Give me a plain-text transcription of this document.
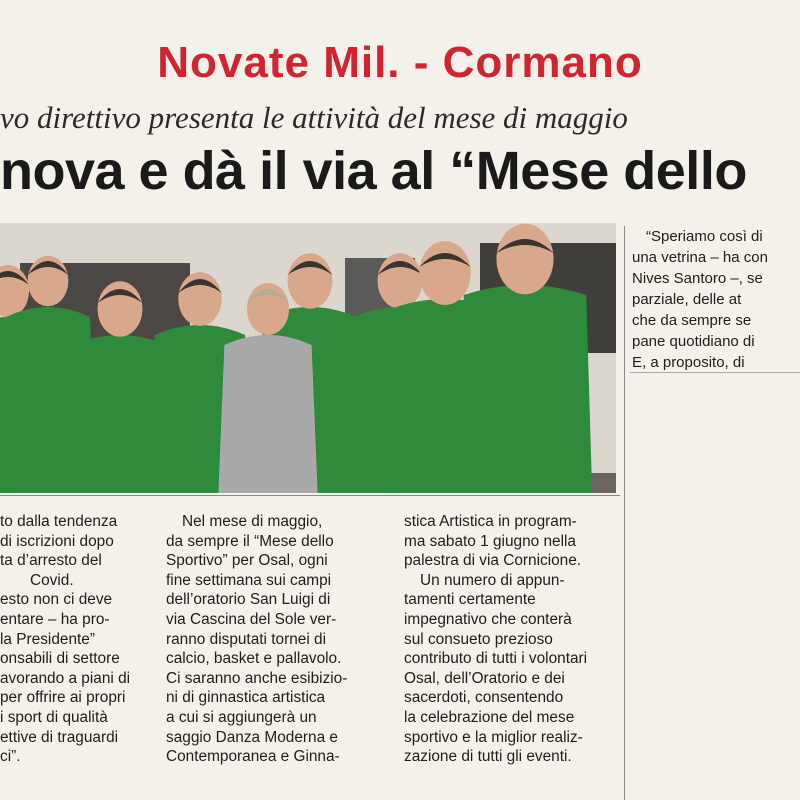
Novate Mil. - Cormano
vo direttivo presenta le attività del mese di maggio
nova e dà il via al “Mese dello
to dalla tendenza
di iscrizioni dopo
ta d’arresto del
Covid.
esto non ci deve
entare – ha pro-
la Presidente”
onsabili di settore
avorando a piani di
per offrire ai propri
i sport di qualità
ettive di traguardi
ci”.
Nel mese di maggio,
da sempre il “Mese dello
Sportivo” per Osal, ogni
fine settimana sui campi
dell’oratorio San Luigi di
via Cascina del Sole ver-
ranno disputati tornei di
calcio, basket e pallavolo.
Ci saranno anche esibizio-
ni di ginnastica artistica
a cui si aggiungerà un
saggio Danza Moderna e
Contemporanea e Ginna-
stica Artistica in program-
ma sabato 1 giugno nella
palestra di via Cornicione.
Un numero di appun-
tamenti certamente
impegnativo che conterà
sul consueto prezioso
contributo di tutti i volontari
Osal, dell’Oratorio e dei
sacerdoti, consentendo
la celebrazione del mese
sportivo e la miglior realiz-
zazione di tutti gli eventi.
“Speriamo così di
una vetrina – ha con
Nives Santoro –, se
parziale, delle at
che da sempre se
pane quotidiano di
E, a proposito, di
